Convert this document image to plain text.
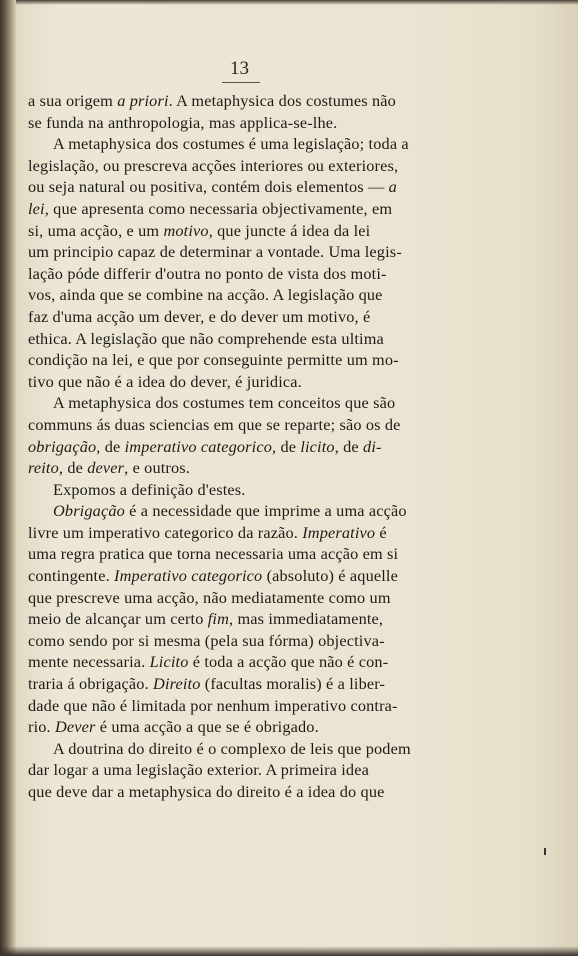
13
a sua origem a priori. A metaphysica dos costumes não
se funda na anthropologia, mas applica-se-lhe.
A metaphysica dos costumes é uma legislação; toda a
legislação, ou prescreva acções interiores ou exteriores,
ou seja natural ou positiva, contém dois elementos — a
lei, que apresenta como necessaria objectivamente, em
si, uma acção, e um motivo, que juncte á idea da lei
um principio capaz de determinar a vontade. Uma legis-
lação póde differir d'outra no ponto de vista dos moti-
vos, ainda que se combine na acção. A legislação que
faz d'uma acção um dever, e do dever um motivo, é
ethica. A legislação que não comprehende esta ultima
condição na lei, e que por conseguinte permitte um mo-
tivo que não é a idea do dever, é juridica.
A metaphysica dos costumes tem conceitos que são
communs ás duas sciencias em que se reparte; são os de
obrigação, de imperativo categorico, de licito, de di-
reito, de dever, e outros.
Expomos a definição d'estes.
Obrigação é a necessidade que imprime a uma acção
livre um imperativo categorico da razão. Imperativo é
uma regra pratica que torna necessaria uma acção em si
contingente. Imperativo categorico (absoluto) é aquelle
que prescreve uma acção, não mediatamente como um
meio de alcançar um certo fim, mas immediatamente,
como sendo por si mesma (pela sua fórma) objectiva-
mente necessaria. Licito é toda a acção que não é con-
traria á obrigação. Direito (facultas moralis) é a liber-
dade que não é limitada por nenhum imperativo contra-
rio. Dever é uma acção a que se é obrigado.
A doutrina do direito é o complexo de leis que podem
dar logar a uma legislação exterior. A primeira idea
que deve dar a metaphysica do direito é a idea do que
